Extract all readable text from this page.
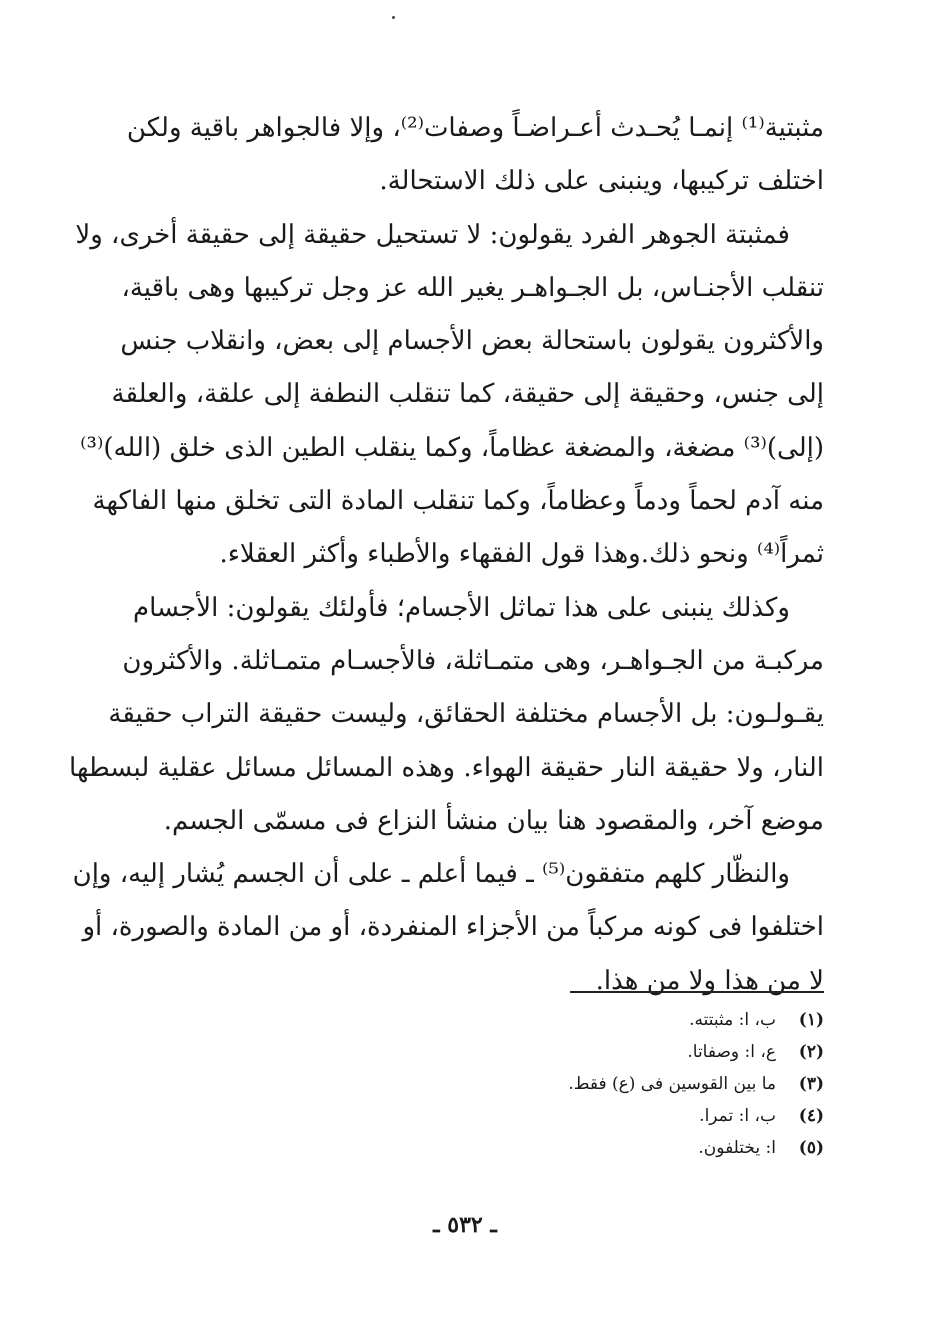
مثبتية⁽¹⁾ إنمـا يُحـدث أعـراضـاً وصفات⁽²⁾، وإلا فالجواهر باقية ولكن
اختلف تركيبها، وينبنى على ذلك الاستحالة.
فمثبتة الجوهر الفرد يقولون: لا تستحيل حقيقة إلى حقيقة أخرى، ولا
تنقلب الأجنـاس، بل الجـواهـر يغير الله عز وجل تركيبها وهى باقية،
والأكثرون يقولون باستحالة بعض الأجسام إلى بعض، وانقلاب جنس
إلى جنس، وحقيقة إلى حقيقة، كما تنقلب النطفة إلى علقة، والعلقة
(إلى)⁽³⁾ مضغة، والمضغة عظاماً، وكما ينقلب الطين الذى خلق (الله)⁽³⁾
منه آدم لحماً ودماً وعظاماً، وكما تنقلب المادة التى تخلق منها الفاكهة
ثمراً⁽⁴⁾ ونحو ذلك.وهذا قول الفقهاء والأطباء وأكثر العقلاء.
وكذلك ينبنى على هذا تماثل الأجسام؛ فأولئك يقولون: الأجسام
مركبـة من الجـواهـر، وهى متمـاثلة، فالأجسـام متمـاثلة. والأكثرون
يقـولـون: بل الأجسام مختلفة الحقائق، وليست حقيقة التراب حقيقة
النار، ولا حقيقة النار حقيقة الهواء. وهذه المسائل مسائل عقلية لبسطها
موضع آخر، والمقصود هنا بيان منشأ النزاع فى مسمّى الجسم.
والنظّار كلهم متفقون⁽⁵⁾ ـ فيما أعلم ـ على أن الجسم يُشار إليه، وإن
اختلفوا فى كونه مركباً من الأجزاء المنفردة، أو من المادة والصورة، أو
لا من هذا ولا من هذا.
(١)
ب، ا: مثبتته.
(٢)
ع، ا: وصفاتا.
(٣)
ما بين القوسين فى (ع) فقط.
(٤)
ب، ا: تمرا.
(٥)
ا: يختلفون.
ـ ٥٣٢ ـ
